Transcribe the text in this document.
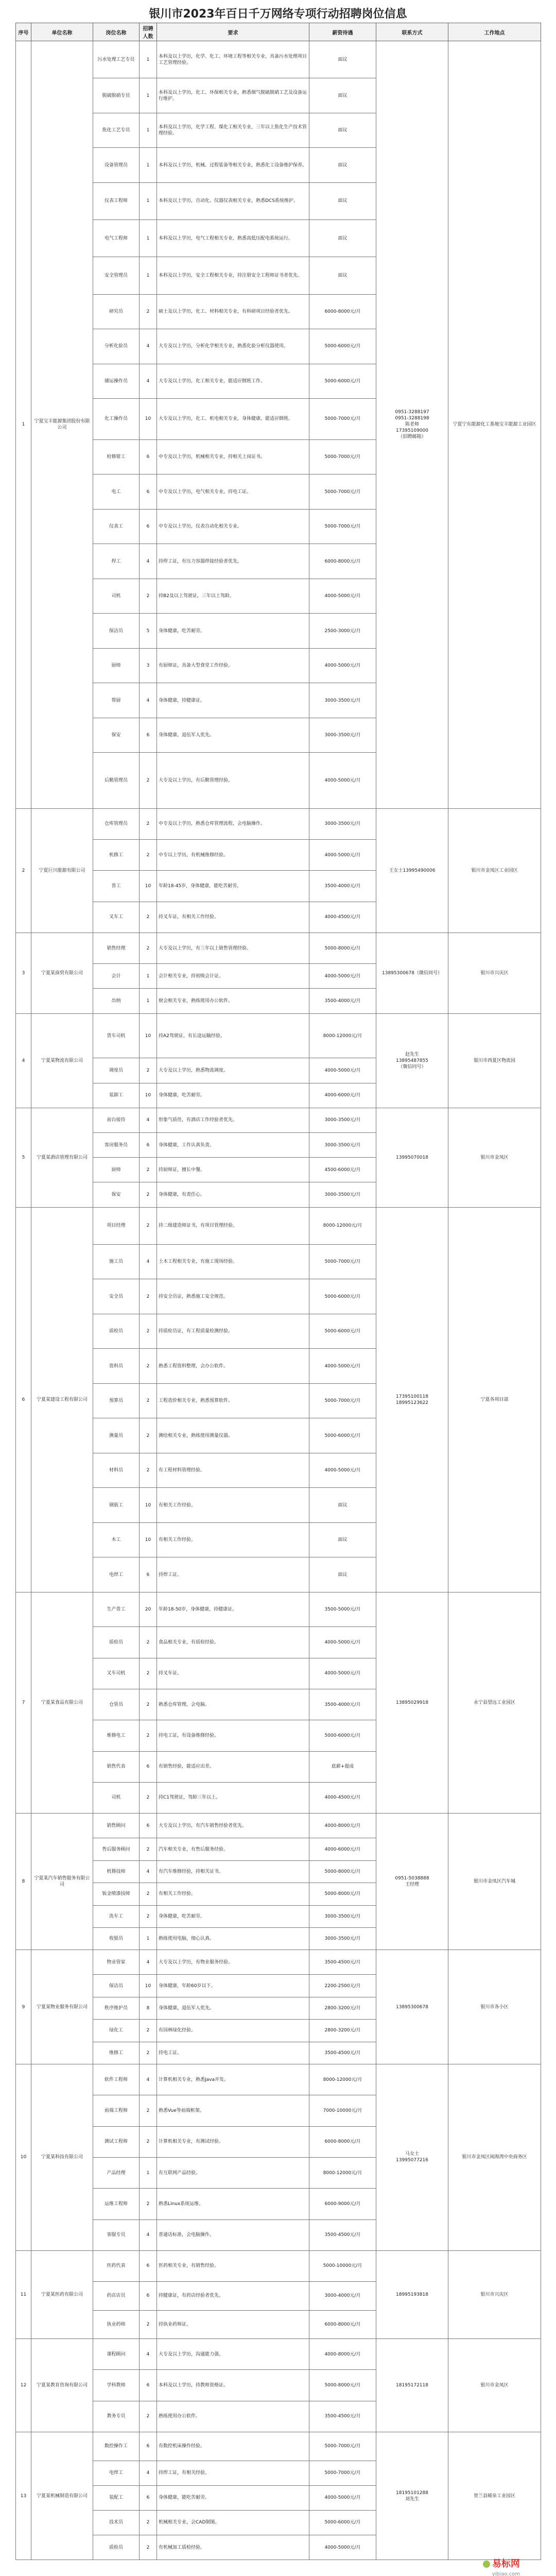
银川市2023年百日千万网络专项行动招聘岗位信息
序号	单位名称	岗位名称	招聘人数	要求	薪资待遇	联系方式	工作地点
1	宁夏宝丰能源集团股份有限公司	污水处理工艺专员	1	本科及以上学历，化学、化工、环境工程等相关专业，具备污水处理项目工艺管理经验。	面议	0951-3288197
0951-3288198
陈老师
17395109000
（招聘邮箱）	宁夏宁东能源化工基地宝丰能源工业园区
		脱硫脱硝专员	1	本科及以上学历，化工、环保相关专业，熟悉烟气脱硫脱硝工艺及设备运行维护。	面议		
		焦化工艺专员	1	本科及以上学历，化学工程、煤化工相关专业，三年以上焦化生产技术管理经验。	面议		
		设备管理员	1	本科及以上学历，机械、过程装备等相关专业，熟悉化工设备维护保养。	面议		
		仪表工程师	1	本科及以上学历，自动化、仪器仪表相关专业，熟悉DCS系统维护。	面议		
		电气工程师	1	本科及以上学历，电气工程相关专业，熟悉高低压配电系统运行。	面议		
		安全管理员	1	本科及以上学历，安全工程相关专业，持注册安全工程师证书者优先。	面议		
		研究员	2	硕士及以上学历，化工、材料相关专业，有科研项目经验者优先。	6000-8000元/月		
		分析化验员	4	大专及以上学历，分析化学相关专业，熟悉化验分析仪器使用。	5000-6000元/月		
		储运操作员	4	大专及以上学历，化工相关专业，能适应倒班工作。	5000-6000元/月		
		化工操作员	10	大专及以上学历，化工、机电相关专业，身体健康，能适应倒班。	5000-7000元/月		
		检修钳工	6	中专及以上学历，机械相关专业，持相关上岗证书。	5000-7000元/月		
		电工	6	中专及以上学历，电气相关专业，持电工证。	5000-7000元/月		
		仪表工	6	中专及以上学历，仪表自动化相关专业。	5000-7000元/月		
		焊工	4	持焊工证，有压力容器焊接经验者优先。	6000-8000元/月		
		司机	2	持B2及以上驾驶证，三年以上驾龄。	4000-5000元/月		
		保洁员	5	身体健康，吃苦耐劳。	2500-3000元/月		
		厨师	3	有厨师证，具备大型食堂工作经验。	4000-5000元/月		
		帮厨	4	身体健康，持健康证。	3000-3500元/月		
		保安	6	身体健康，退伍军人优先。	3000-3500元/月		
		后勤管理员	2	大专及以上学历，有后勤管理经验。	4000-5000元/月		
2	宁夏巨川能源有限公司	仓库管理员	2	中专及以上学历，熟悉仓库管理流程，会电脑操作。	3000-3500元/月	王女士13995490006	银川市金凤区工业园区
		机修工	2	中专以上学历，有机械维修经验。	4000-5000元/月		
		普工	10	年龄18-45岁，身体健康，能吃苦耐劳。	3500-4000元/月		
		叉车工	2	持叉车证，有相关工作经验。	4000-4500元/月		
3	宁夏某商贸有限公司	销售经理	2	大专及以上学历，有三年以上销售管理经验。	5000-8000元/月	13895300678（微信同号）	银川市兴庆区
		会计	1	会计相关专业，持初级会计证。	4000-5000元/月		
		出纳	1	财会相关专业，熟练使用办公软件。	3500-4000元/月		
4	宁夏某物流有限公司	货车司机	10	持A2驾驶证，有长途运输经验。	8000-12000元/月	赵先生
13895487855
（微信同号）	银川市西夏区物流园
		调度员	2	大专及以上学历，熟悉物流调度。	4000-5000元/月		
		装卸工	10	身体健康，吃苦耐劳。	4000-6000元/月		
5	宁夏某酒店管理有限公司	前台接待	4	形象气质佳，有酒店工作经验者优先。	3000-3500元/月	13995070018	银川市金凤区
		客房服务员	6	身体健康，工作认真负责。	3000-3500元/月		
		厨师	2	持厨师证，擅长中餐。	4500-6000元/月		
		保安	2	身体健康，有责任心。	3000-3500元/月		
6	宁夏某建设工程有限公司	项目经理	2	持二级建造师证书，有项目管理经验。	8000-12000元/月	17395100118
18995123622	宁夏各项目部
		施工员	4	土木工程相关专业，有施工现场经验。	5000-7000元/月		
		安全员	2	持安全员证，熟悉施工安全规范。	5000-6000元/月		
		质检员	2	持质检员证，有工程质量检测经验。	5000-6000元/月		
		资料员	2	熟悉工程资料整理，会办公软件。	4000-5000元/月		
		预算员	2	工程造价相关专业，熟悉预算软件。	5000-7000元/月		
		测量员	2	测绘相关专业，熟练使用测量仪器。	5000-6000元/月		
		材料员	2	有工程材料管理经验。	4000-5000元/月		
		钢筋工	10	有相关工作经验。	面议		
		木工	10	有相关工作经验。	面议		
		电焊工	6	持焊工证。	面议		
7	宁夏某食品有限公司	生产普工	20	年龄18-50岁，身体健康，持健康证。	3500-5000元/月	13895029918	永宁县望远工业园区
		质检员	2	食品相关专业，有质检经验。	4000-5000元/月		
		叉车司机	2	持叉车证。	4000-5000元/月		
		仓管员	2	熟悉仓库管理，会电脑。	3500-4000元/月		
		维修电工	2	持电工证，有设备维修经验。	5000-6000元/月		
		销售代表	6	有销售经验，能适应出差。	底薪+提成		
		司机	2	持C1驾驶证，驾龄三年以上。	4000-4500元/月		
8	宁夏某汽车销售服务有限公司	销售顾问	6	大专及以上学历，有汽车销售经验者优先。	4000-8000元/月	0951-5038888
王经理	银川市金凤区汽车城
		售后服务顾问	2	汽车相关专业，有售后服务经验。	4000-6000元/月		
		机修技师	4	有汽车维修经验，持相关证书。	5000-8000元/月		
		钣金喷漆技师	2	有相关工作经验。	5000-8000元/月		
		洗车工	2	身体健康，吃苦耐劳。	3000-3500元/月		
		收银员	1	熟练使用电脑，细心认真。	3000-3500元/月		
9	宁夏某物业服务有限公司	物业管家	4	大专及以上学历，有物业服务经验。	3500-4500元/月	13895300678	银川市各小区
		保洁员	10	身体健康，年龄60岁以下。	2200-2500元/月		
		秩序维护员	8	身体健康，退伍军人优先。	2800-3200元/月		
		绿化工	2	有园林绿化经验。	2800-3200元/月		
		维修工	2	持电工证。	3500-4500元/月		
10	宁夏某科技有限公司	软件工程师	4	计算机相关专业，熟悉Java开发。	8000-12000元/月	马女士
13995077216	银川市金凤区阅海湾中央商务区
		前端工程师	2	熟悉Vue等前端框架。	7000-10000元/月		
		测试工程师	2	计算机相关专业，有测试经验。	6000-8000元/月		
		产品经理	1	有互联网产品经验。	8000-12000元/月		
		运维工程师	2	熟悉Linux系统运维。	6000-9000元/月		
		客服专员	4	普通话标准，会电脑操作。	3500-4500元/月		
11	宁夏某医药有限公司	医药代表	6	医药相关专业，有销售经验。	5000-10000元/月	18995193818	银川市兴庆区
		药店店员	6	持健康证，有药店经验者优先。	3000-4000元/月		
		执业药师	2	持执业药师证。	6000-8000元/月		
12	宁夏某教育咨询有限公司	课程顾问	4	大专及以上学历，沟通能力强。	4000-8000元/月	18195172118	银川市金凤区
		学科教师	6	本科及以上学历，持教师资格证。	5000-8000元/月		
		教务专员	2	熟练使用办公软件。	3500-4500元/月		
13	宁夏某机械制造有限公司	数控操作工	6	有数控机床操作经验。	5000-7000元/月	18195101288
刘先生	贺兰县暖泉工业园区
		电焊工	4	持焊工证，有相关经验。	5000-7000元/月		
		装配工	6	身体健康，能吃苦耐劳。	4000-5000元/月		
		技术员	2	机械相关专业，会CAD制图。	5000-6000元/月		
		质检员	2	有机械加工质检经验。	4000-5000元/月		
易标网
yibiao.com
